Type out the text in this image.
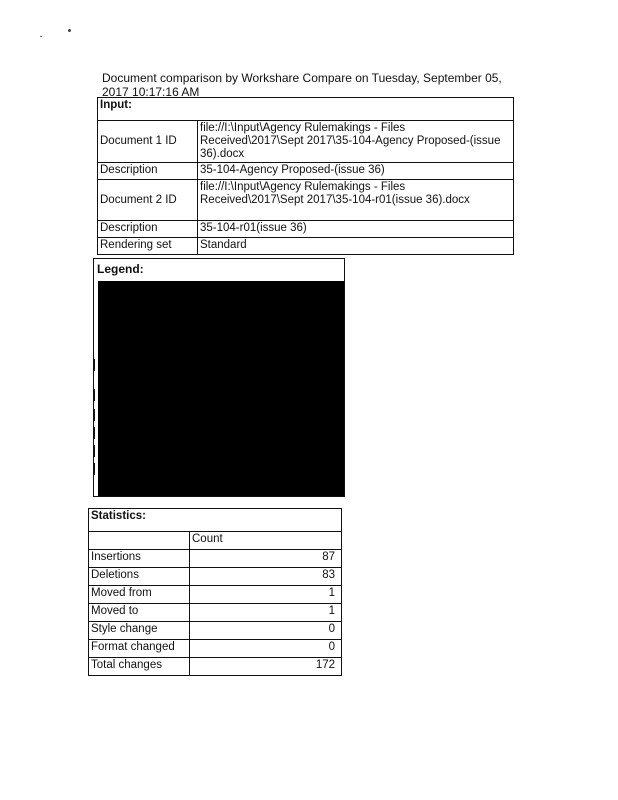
Document comparison by Workshare Compare on Tuesday, September 05,
2017 10:17:16 AM
Input:	
Document 1 ID	file://I:\Input\Agency Rulemakings - Files Received\2017\Sept 2017\35-104-Agency Proposed-(issue 36).docx
Description	35-104-Agency Proposed-(issue 36)
Document 2 ID	file://I:\Input\Agency Rulemakings - Files Received\2017\Sept 2017\35-104-r01(issue 36).docx
Description	35-104-r01(issue 36)
Rendering set	Standard
Legend:
Statistics:	
	Count
Insertions	87
Deletions	83
Moved from	1
Moved to	1
Style change	0
Format changed	0
Total changes	172
